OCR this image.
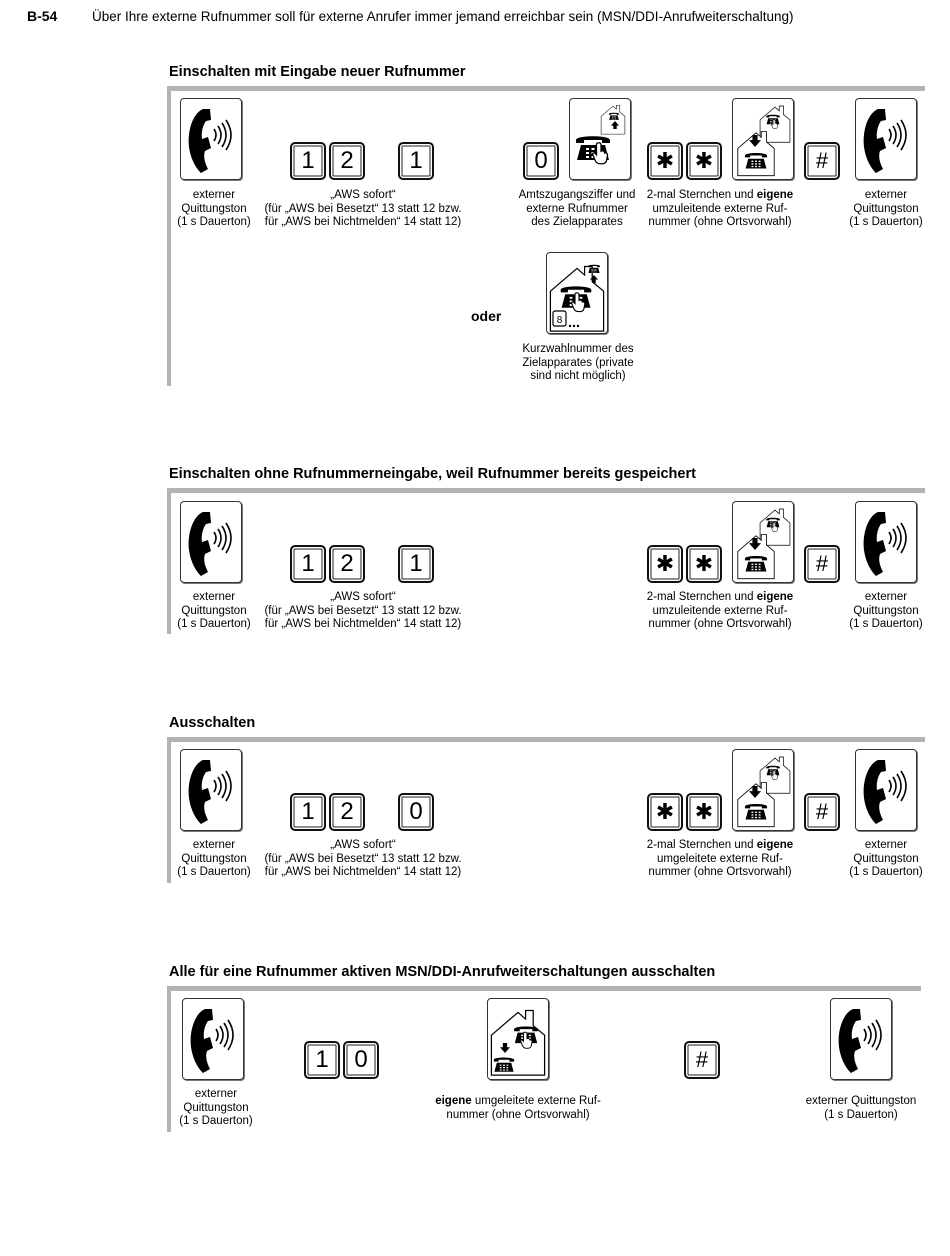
B-54	Über Ihre externe Rufnummer soll für externe Anrufer immer jemand erreichbar sein (MSN/DDI-Anrufweiterschaltung)
Einschalten mit Eingabe neuer Rufnummer
externer
Quittungston
(1 s Dauerton)
1	2	1
„AWS sofort“
(für „AWS bei Besetzt“ 13 statt 12 bzw.
für „AWS bei Nichtmelden“ 14 statt 12)
0
Amtszugangsziffer und
externe Rufnummer
des Zielapparates
✱ ✱
2-mal Sternchen und eigene
umzuleitende externe Ruf-
nummer (ohne Ortsvorwahl)
#
externer
Quittungston
(1 s Dauerton)
oder	8
Kurzwahlnummer des
Zielapparates (private
sind nicht möglich)
Einschalten ohne Rufnummerneingabe, weil Rufnummer bereits gespeichert
externer
Quittungston
(1 s Dauerton)
1	2	1
„AWS sofort“
(für „AWS bei Besetzt“ 13 statt 12 bzw.
für „AWS bei Nichtmelden“ 14 statt 12)
✱ ✱
2-mal Sternchen und eigene
umzuleitende externe Ruf-
nummer (ohne Ortsvorwahl)
#
externer
Quittungston
(1 s Dauerton)
Ausschalten
externer
Quittungston
(1 s Dauerton)
1	2	0
„AWS sofort“
(für „AWS bei Besetzt“ 13 statt 12 bzw.
für „AWS bei Nichtmelden“ 14 statt 12)
✱ ✱
2-mal Sternchen und eigene
umgeleitete externe Ruf-
nummer (ohne Ortsvorwahl)
#
externer
Quittungston
(1 s Dauerton)
Alle für eine Rufnummer aktiven MSN/DDI-Anrufweiterschaltungen ausschalten
externer
Quittungston
(1 s Dauerton)
1	0
eigene umgeleitete externe Ruf-
nummer (ohne Ortsvorwahl)
#
externer Quittungston
(1 s Dauerton)
